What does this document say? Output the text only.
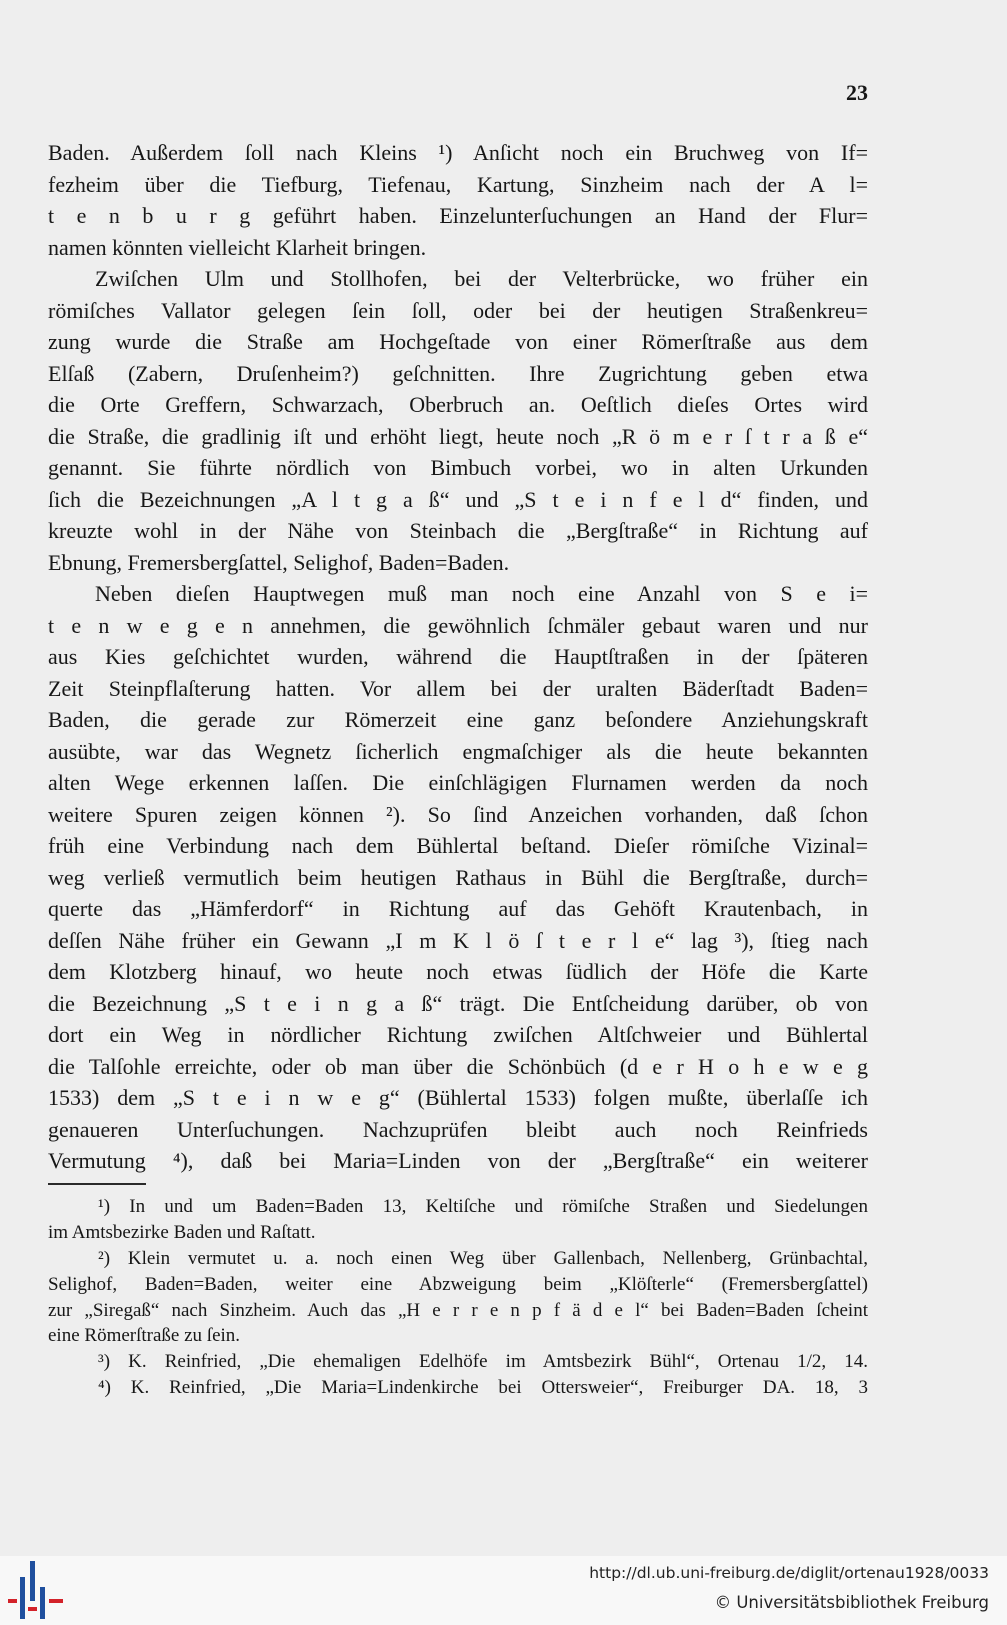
23
Baden. Außerdem ſoll nach Kleins ¹) Anſicht noch ein Bruchweg von If=
fezheim über die Tiefburg, Tiefenau, Kartung, Sinzheim nach der A l=
t e n b u r g geführt haben. Einzelunterſuchungen an Hand der Flur=
namen könnten vielleicht Klarheit bringen.
Zwiſchen Ulm und Stollhofen, bei der Velterbrücke, wo früher ein
römiſches Vallator gelegen ſein ſoll, oder bei der heutigen Straßenkreu=
zung wurde die Straße am Hochgeſtade von einer Römerſtraße aus dem
Elſaß (Zabern, Druſenheim?) geſchnitten. Ihre Zugrichtung geben etwa
die Orte Greffern, Schwarzach, Oberbruch an. Oeſtlich dieſes Ortes wird
die Straße, die gradlinig iſt und erhöht liegt, heute noch „R ö m e r ſ t r a ß e“
genannt. Sie führte nördlich von Bimbuch vorbei, wo in alten Urkunden
ſich die Bezeichnungen „A l t g a ß“ und „S t e i n f e l d“ finden, und
kreuzte wohl in der Nähe von Steinbach die „Bergſtraße“ in Richtung auf
Ebnung, Fremersbergſattel, Selighof, Baden=Baden.
Neben dieſen Hauptwegen muß man noch eine Anzahl von S e i=
t e n w e g e n annehmen, die gewöhnlich ſchmäler gebaut waren und nur
aus Kies geſchichtet wurden, während die Hauptſtraßen in der ſpäteren
Zeit Steinpflaſterung hatten. Vor allem bei der uralten Bäderſtadt Baden=
Baden, die gerade zur Römerzeit eine ganz beſondere Anziehungskraft
ausübte, war das Wegnetz ſicherlich engmaſchiger als die heute bekannten
alten Wege erkennen laſſen. Die einſchlägigen Flurnamen werden da noch
weitere Spuren zeigen können ²). So ſind Anzeichen vorhanden, daß ſchon
früh eine Verbindung nach dem Bühlertal beſtand. Dieſer römiſche Vizinal=
weg verließ vermutlich beim heutigen Rathaus in Bühl die Bergſtraße, durch=
querte das „Hämferdorf“ in Richtung auf das Gehöft Krautenbach, in
deſſen Nähe früher ein Gewann „I m K l ö ſ t e r l e“ lag ³), ſtieg nach
dem Klotzberg hinauf, wo heute noch etwas ſüdlich der Höfe die Karte
die Bezeichnung „S t e i n g a ß“ trägt. Die Entſcheidung darüber, ob von
dort ein Weg in nördlicher Richtung zwiſchen Altſchweier und Bühlertal
die Talſohle erreichte, oder ob man über die Schönbüch (d e r H o h e w e g
1533) dem „S t e i n w e g“ (Bühlertal 1533) folgen mußte, überlaſſe ich
genaueren Unterſuchungen. Nachzuprüfen bleibt auch noch Reinfrieds
Vermutung ⁴), daß bei Maria=Linden von der „Bergſtraße“ ein weiterer
¹) In und um Baden=Baden 13, Keltiſche und römiſche Straßen und Siedelungen
im Amtsbezirke Baden und Raſtatt.
²) Klein vermutet u. a. noch einen Weg über Gallenbach, Nellenberg, Grünbachtal,
Selighof, Baden=Baden, weiter eine Abzweigung beim „Klöſterle“ (Fremersbergſattel)
zur „Siregaß“ nach Sinzheim. Auch das „H e r r e n p f ä d e l“ bei Baden=Baden ſcheint
eine Römerſtraße zu ſein.
³) K. Reinfried, „Die ehemaligen Edelhöfe im Amtsbezirk Bühl“, Ortenau 1/2, 14.
⁴) K. Reinfried, „Die Maria=Lindenkirche bei Ottersweier“, Freiburger DA. 18, 3
http://dl.ub.uni-freiburg.de/diglit/ortenau1928/0033
© Universitätsbibliothek Freiburg
